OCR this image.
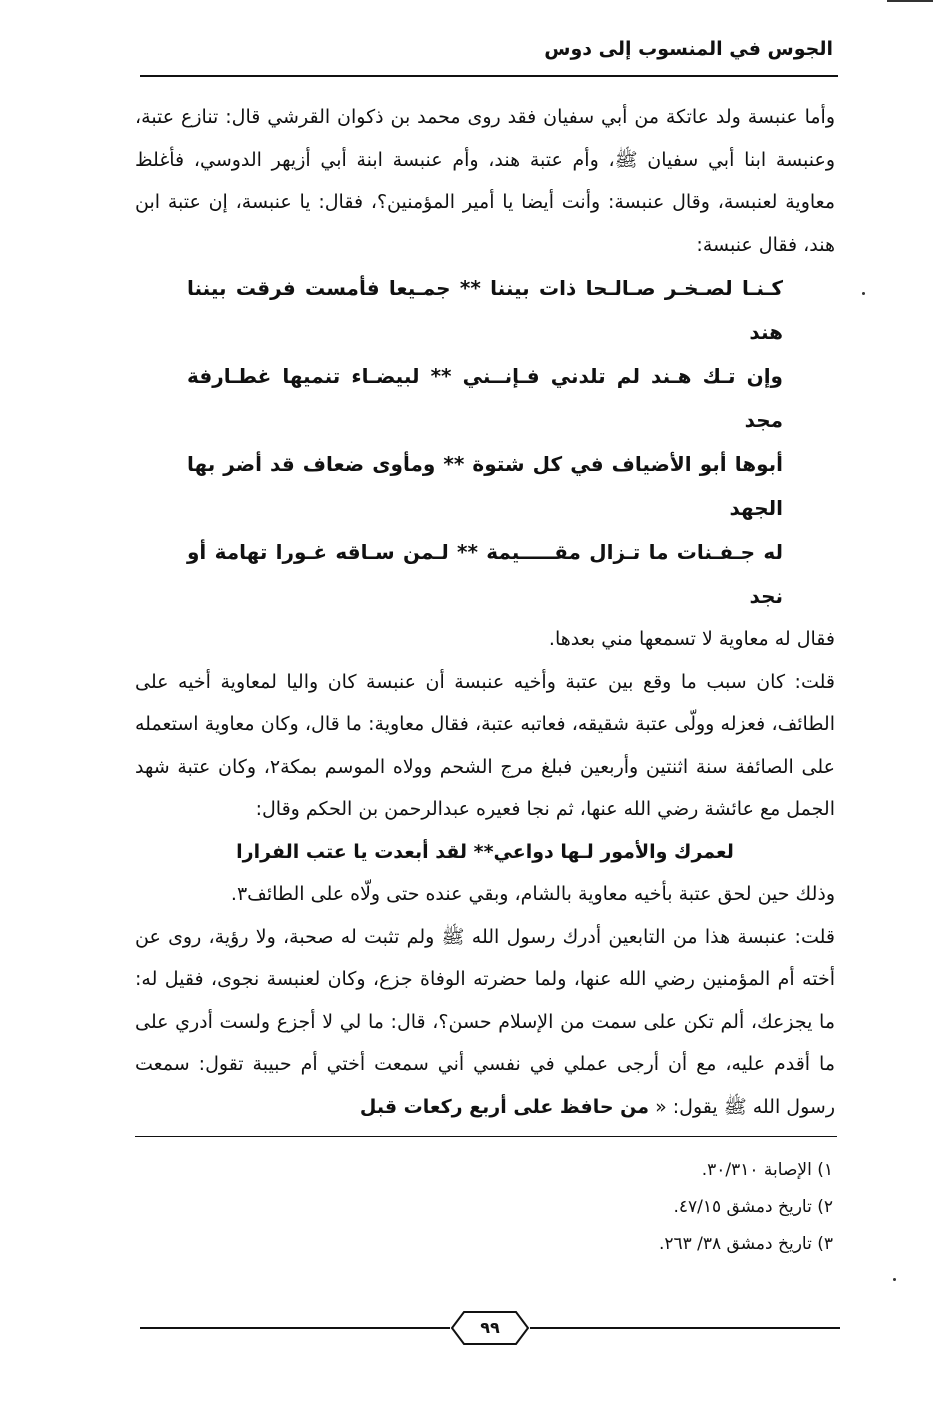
الجوس في المنسوب إلى دوس

وأما عنبسة ولد عاتكة من أبي سفيان فقد روى محمد بن ذكوان القرشي قال: تنازع عتبة، وعنبسة ابنا أبي سفيان ﷺ، وأم عتبة هند، وأم عنبسة ابنة أبي أزيهر الدوسي، فأغلظ معاوية لعنبسة، وقال عنبسة: وأنت أيضا يا أمير المؤمنين؟، فقال: يا عنبسة، إن عتبة ابن هند، فقال عنبسة:

كـنـا لصـخـر صـالـحا ذات بيننا ** جمـيعا فأمست فرقت بيننا هند
وإن تـك هـند لم تلدني فـإنــني ** لبيضـاء تنميها غطـارفة مجد
أبوها أبو الأضياف في كل شتوة ** ومأوى ضعاف قد أضر بها الجهد
له جـفـنات ما تـزال مقـــــيمة ** لـمن سـاقه غـورا تهامة أو نجد

فقال له معاوية لا تسمعها مني بعدها.

قلت: كان سبب ما وقع بين عتبة وأخيه عنبسة أن عنبسة كان واليا لمعاوية أخيه على الطائف، فعزله وولّى عتبة شقيقه، فعاتبه عتبة، فقال معاوية: ما قال، وكان معاوية استعمله على الصائفة سنة اثنتين وأربعين فبلغ مرج الشحم وولاه الموسم بمكة٢، وكان عتبة شهد الجمل مع عائشة رضي الله عنها، ثم نجا فعيره عبدالرحمن بن الحكم وقال:

لعمرك والأمور لـها دواعي** لقد أبعدت يا عتب الفرارا

وذلك حين لحق عتبة بأخيه معاوية بالشام، وبقي عنده حتى ولّاه على الطائف٣.

قلت: عنبسة هذا من التابعين أدرك رسول الله ﷺ ولم تثبت له صحبة، ولا رؤية، روى عن أخته أم المؤمنين رضي الله عنها، ولما حضرته الوفاة جزع، وكان لعنبسة نجوى، فقيل له: ما يجزعك، ألم تكن على سمت من الإسلام حسن؟، قال: ما لي لا أجزع ولست أدري على ما أقدم عليه، مع أن أرجى عملي في نفسي أني سمعت أختي أم حبيبة تقول: سمعت رسول الله ﷺ يقول: « من حافظ على أربع ركعات قبل

١) الإصابة ٣٠/٣١٠.
٢) تاريخ دمشق ٤٧/١٥.
٣) تاريخ دمشق ٣٨/ ٢٦٣.
٩٩
